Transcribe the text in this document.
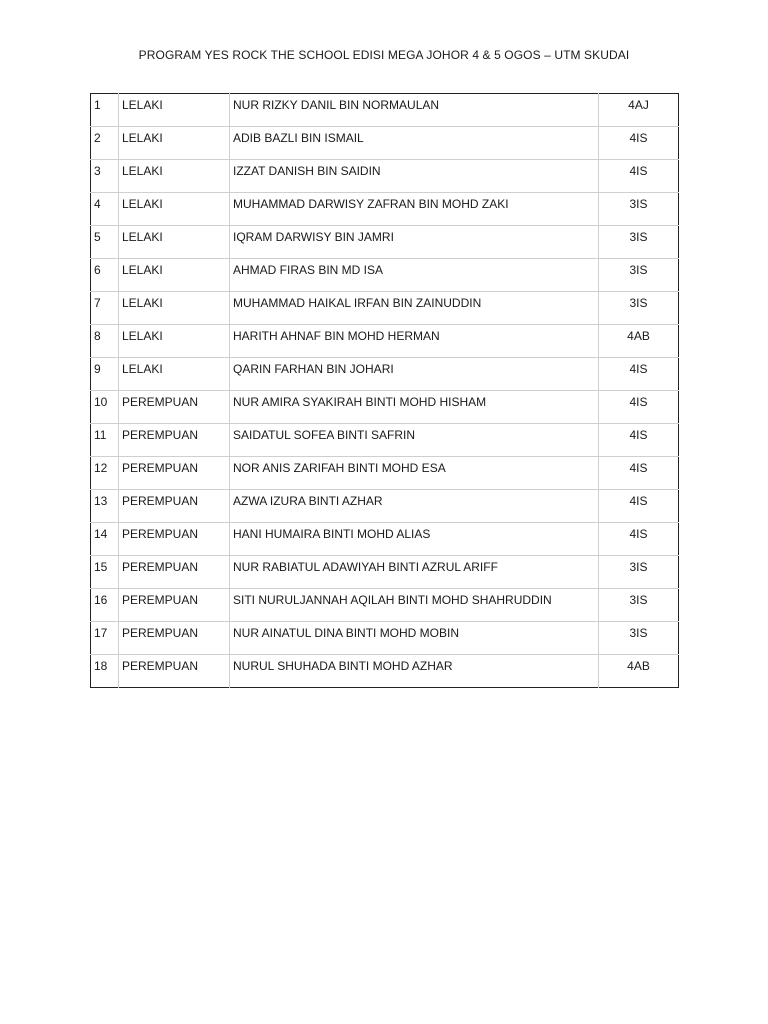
PROGRAM YES ROCK THE SCHOOL EDISI MEGA JOHOR 4 & 5 OGOS – UTM SKUDAI
1	LELAKI	NUR RIZKY DANIL BIN NORMAULAN	4AJ
2	LELAKI	ADIB BAZLI BIN ISMAIL	4IS
3	LELAKI	IZZAT DANISH BIN SAIDIN	4IS
4	LELAKI	MUHAMMAD DARWISY ZAFRAN BIN MOHD ZAKI	3IS
5	LELAKI	IQRAM DARWISY BIN JAMRI	3IS
6	LELAKI	AHMAD FIRAS BIN MD ISA	3IS
7	LELAKI	MUHAMMAD HAIKAL IRFAN BIN ZAINUDDIN	3IS
8	LELAKI	HARITH AHNAF BIN MOHD HERMAN	4AB
9	LELAKI	QARIN FARHAN BIN JOHARI	4IS
10	PEREMPUAN	NUR AMIRA SYAKIRAH BINTI MOHD HISHAM	4IS
11	PEREMPUAN	SAIDATUL SOFEA BINTI SAFRIN	4IS
12	PEREMPUAN	NOR ANIS ZARIFAH BINTI MOHD ESA	4IS
13	PEREMPUAN	AZWA IZURA BINTI AZHAR	4IS
14	PEREMPUAN	HANI HUMAIRA BINTI MOHD ALIAS	4IS
15	PEREMPUAN	NUR RABIATUL ADAWIYAH BINTI AZRUL ARIFF	3IS
16	PEREMPUAN	SITI NURULJANNAH AQILAH BINTI MOHD SHAHRUDDIN	3IS
17	PEREMPUAN	NUR AINATUL DINA BINTI MOHD MOBIN	3IS
18	PEREMPUAN	NURUL SHUHADA BINTI MOHD AZHAR	4AB
